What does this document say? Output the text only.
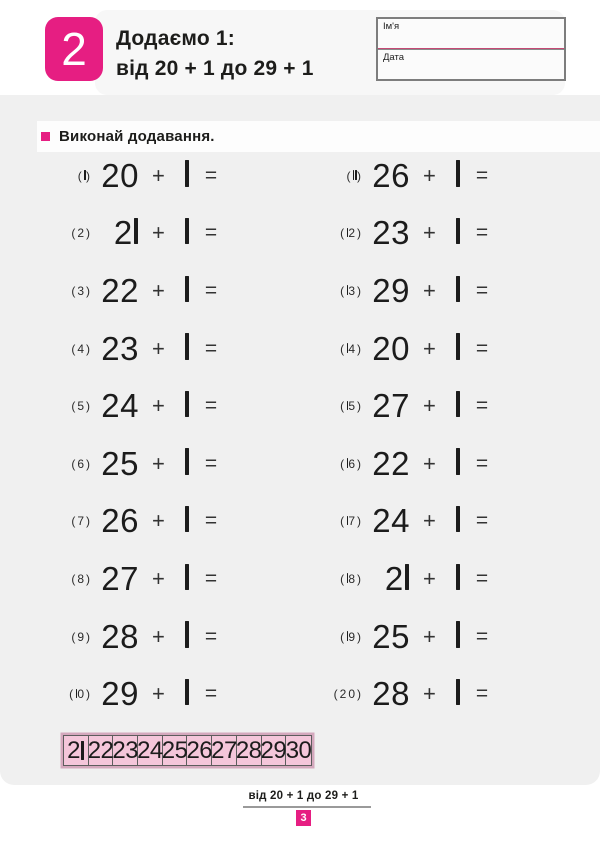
2	Додаємо 1:
від 20 + 1 до 29 + 1
Ім'я
Дата
Виконай додавання.
( ) 20 + =
(2) 2 + =
(3) 22 + =
(4) 23 + =
(5) 24 + =
(6) 25 + =
(7) 26 + =
(8) 27 + =
(9) 28 + =
( 0) 29 + =
( ) 26 + =
( 2) 23 + =
( 3) 29 + =
( 4) 20 + =
( 5) 27 + =
( 6) 22 + =
( 7) 24 + =
( 8) 2 + =
( 9) 25 + =
(20) 28 + =
2 22
23
24
25
26
27
28
29 30
від 20 + 1 до 29 + 1
3
